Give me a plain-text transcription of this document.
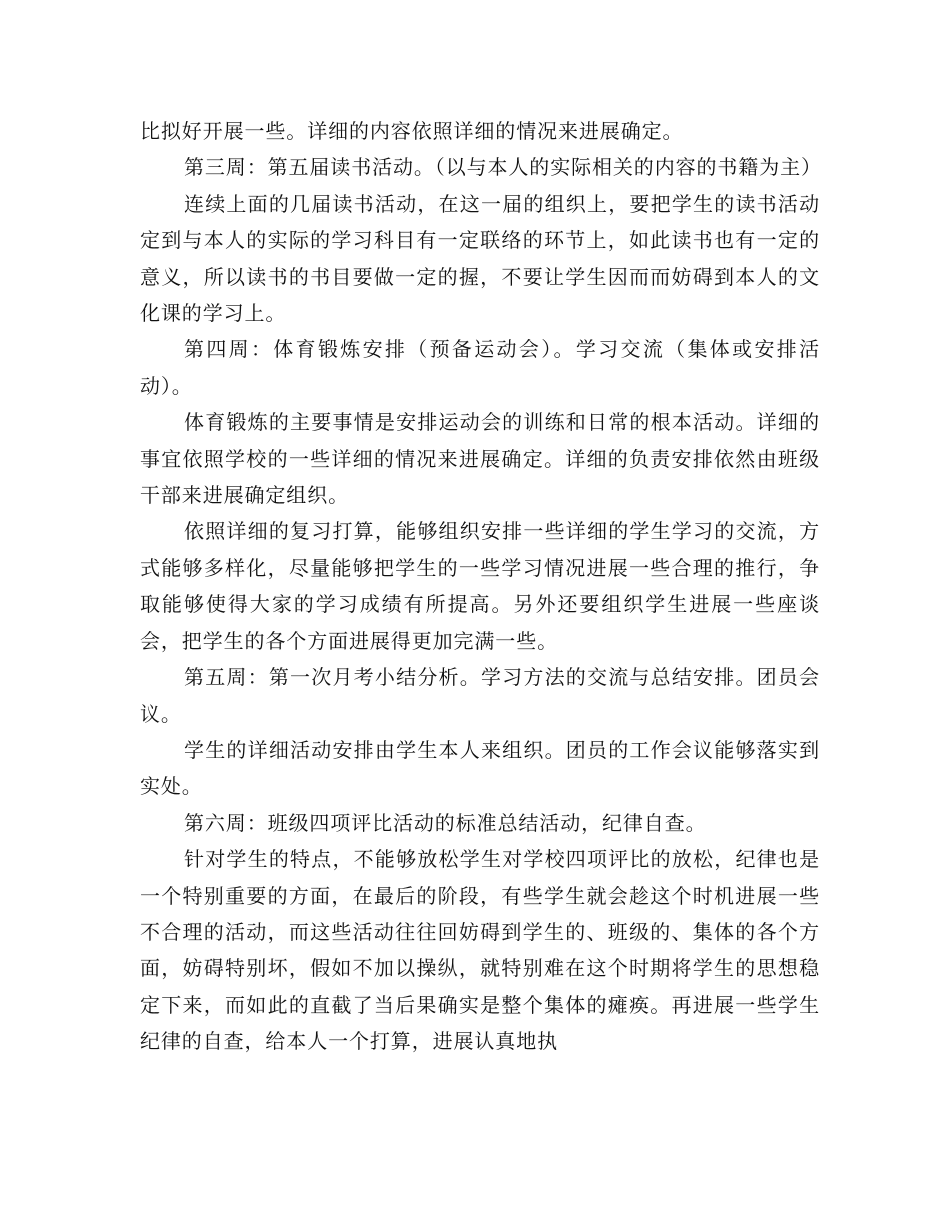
比拟好开展一些。详细的内容依照详细的情况来进展确定。

第三周：第五届读书活动。（以与本人的实际相关的内容的书籍为主）

连续上面的几届读书活动，在这一届的组织上，要把学生的读书活动定到与本人的实际的学习科目有一定联络的环节上，如此读书也有一定的意义，所以读书的书目要做一定的握，不要让学生因而而妨碍到本人的文化课的学习上。

第四周：体育锻炼安排（预备运动会）。学习交流（集体或安排活动）。

体育锻炼的主要事情是安排运动会的训练和日常的根本活动。详细的事宜依照学校的一些详细的情况来进展确定。详细的负责安排依然由班级干部来进展确定组织。

依照详细的复习打算，能够组织安排一些详细的学生学习的交流，方式能够多样化，尽量能够把学生的一些学习情况进展一些合理的推行，争取能够使得大家的学习成绩有所提高。另外还要组织学生进展一些座谈会，把学生的各个方面进展得更加完满一些。

第五周：第一次月考小结分析。学习方法的交流与总结安排。团员会议。

学生的详细活动安排由学生本人来组织。团员的工作会议能够落实到实处。

第六周：班级四项评比活动的标准总结活动，纪律自查。

针对学生的特点，不能够放松学生对学校四项评比的放松，纪律也是一个特别重要的方面，在最后的阶段，有些学生就会趁这个时机进展一些不合理的活动，而这些活动往往回妨碍到学生的、班级的、集体的各个方面，妨碍特别坏，假如不加以操纵，就特别难在这个时期将学生的思想稳定下来，而如此的直截了当后果确实是整个集体的瘫痪。再进展一些学生纪律的自查，给本人一个打算，进展认真地执
